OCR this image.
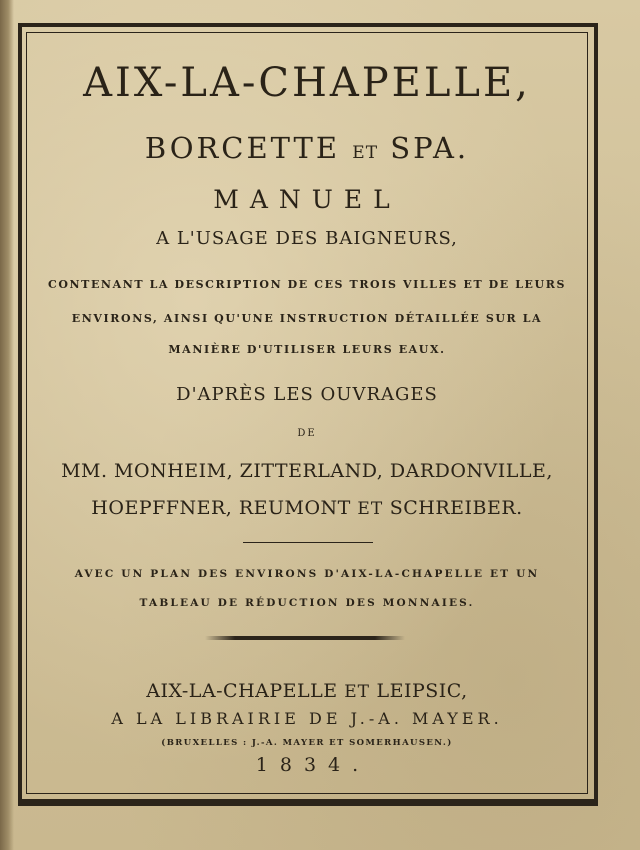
AIX-LA-CHAPELLE,
BORCETTE ET SPA.
MANUEL
A L'USAGE DES BAIGNEURS,
CONTENANT LA DESCRIPTION DE CES TROIS VILLES ET DE LEURS
ENVIRONS, AINSI QU'UNE INSTRUCTION DÉTAILLÉE SUR LA
MANIÈRE D'UTILISER LEURS EAUX.
D'APRÈS LES OUVRAGES
DE
MM. MONHEIM, ZITTERLAND, DARDONVILLE,
HOEPFFNER, REUMONT ET SCHREIBER.
AVEC UN PLAN DES ENVIRONS D'AIX-LA-CHAPELLE ET UN
TABLEAU DE RÉDUCTION DES MONNAIES.
AIX-LA-CHAPELLE ET LEIPSIC,
A LA LIBRAIRIE DE J.-A. MAYER.
(BRUXELLES : J.-A. MAYER ET SOMERHAUSEN.)
1834.
